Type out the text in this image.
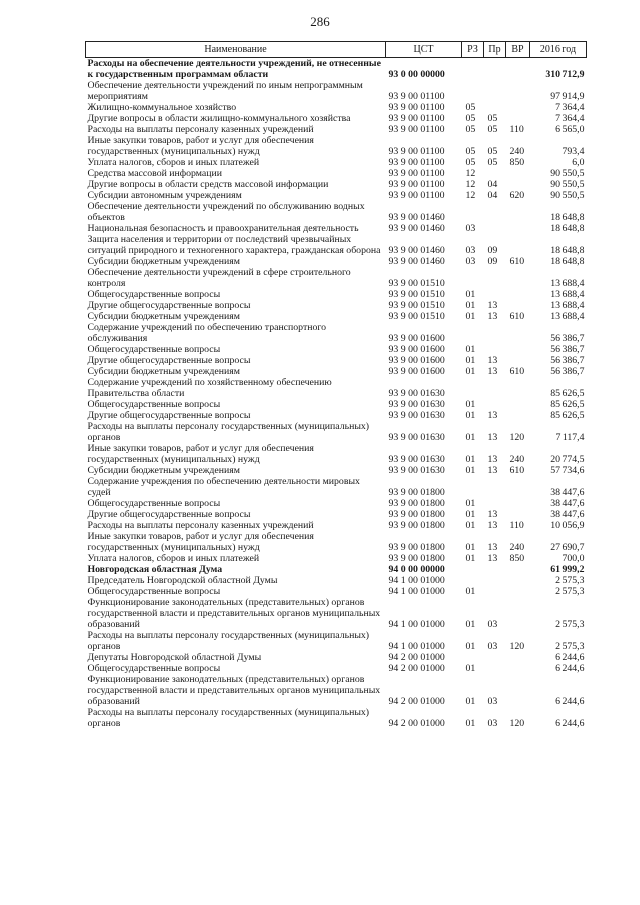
286
Наименование	ЦСТ	РЗ	Пр	ВР	2016 год
Расходы на обеспечение деятельности учреждений, не отнесенные к государственным программам области	93 0 00 00000				310 712,9
Обеспечение деятельности учреждений по иным непрограммным мероприятиям	93 9 00 01100				97 914,9
Жилищно-коммунальное хозяйство	93 9 00 01100	05			7 364,4
Другие вопросы в области жилищно-коммунального хозяйства	93 9 00 01100	05	05		7 364,4
Расходы на выплаты персоналу казенных учреждений	93 9 00 01100	05	05	110	6 565,0
Иные закупки товаров, работ и услуг для обеспечения государственных (муниципальных) нужд	93 9 00 01100	05	05	240	793,4
Уплата налогов, сборов и иных платежей	93 9 00 01100	05	05	850	6,0
Средства массовой информации	93 9 00 01100	12			90 550,5
Другие вопросы в области средств массовой информации	93 9 00 01100	12	04		90 550,5
Субсидии автономным учреждениям	93 9 00 01100	12	04	620	90 550,5
Обеспечение деятельности учреждений по обслуживанию водных объектов	93 9 00 01460				18 648,8
Национальная безопасность и правоохранительная деятельность	93 9 00 01460	03			18 648,8
Защита населения и территории от последствий чрезвычайных ситуаций природного и техногенного характера, гражданская оборона	93 9 00 01460	03	09		18 648,8
Субсидии бюджетным учреждениям	93 9 00 01460	03	09	610	18 648,8
Обеспечение деятельности учреждений в сфере строительного контроля	93 9 00 01510				13 688,4
Общегосударственные вопросы	93 9 00 01510	01			13 688,4
Другие общегосударственные вопросы	93 9 00 01510	01	13		13 688,4
Субсидии бюджетным учреждениям	93 9 00 01510	01	13	610	13 688,4
Содержание учреждений по обеспечению транспортного обслуживания	93 9 00 01600				56 386,7
Общегосударственные вопросы	93 9 00 01600	01			56 386,7
Другие общегосударственные вопросы	93 9 00 01600	01	13		56 386,7
Субсидии бюджетным учреждениям	93 9 00 01600	01	13	610	56 386,7
Содержание учреждений по хозяйственному обеспечению Правительства области	93 9 00 01630				85 626,5
Общегосударственные вопросы	93 9 00 01630	01			85 626,5
Другие общегосударственные вопросы	93 9 00 01630	01	13		85 626,5
Расходы на выплаты персоналу государственных (муниципальных) органов	93 9 00 01630	01	13	120	7 117,4
Иные закупки товаров, работ и услуг для обеспечения государственных (муниципальных) нужд	93 9 00 01630	01	13	240	20 774,5
Субсидии бюджетным учреждениям	93 9 00 01630	01	13	610	57 734,6
Содержание учреждения по обеспечению деятельности мировых судей	93 9 00 01800				38 447,6
Общегосударственные вопросы	93 9 00 01800	01			38 447,6
Другие общегосударственные вопросы	93 9 00 01800	01	13		38 447,6
Расходы на выплаты персоналу казенных учреждений	93 9 00 01800	01	13	110	10 056,9
Иные закупки товаров, работ и услуг для обеспечения государственных (муниципальных) нужд	93 9 00 01800	01	13	240	27 690,7
Уплата налогов, сборов и иных платежей	93 9 00 01800	01	13	850	700,0
Новгородская областная Дума	94 0 00 00000				61 999,2
Председатель Новгородской областной Думы	94 1 00 01000				2 575,3
Общегосударственные вопросы	94 1 00 01000	01			2 575,3
Функционирование законодательных (представительных) органов государственной власти и представительных органов муниципальных образований	94 1 00 01000	01	03		2 575,3
Расходы на выплаты персоналу государственных (муниципальных) органов	94 1 00 01000	01	03	120	2 575,3
Депутаты Новгородской областной Думы	94 2 00 01000				6 244,6
Общегосударственные вопросы	94 2 00 01000	01			6 244,6
Функционирование законодательных (представительных) органов государственной власти и представительных органов муниципальных образований	94 2 00 01000	01	03		6 244,6
Расходы на выплаты персоналу государственных (муниципальных) органов	94 2 00 01000	01	03	120	6 244,6
